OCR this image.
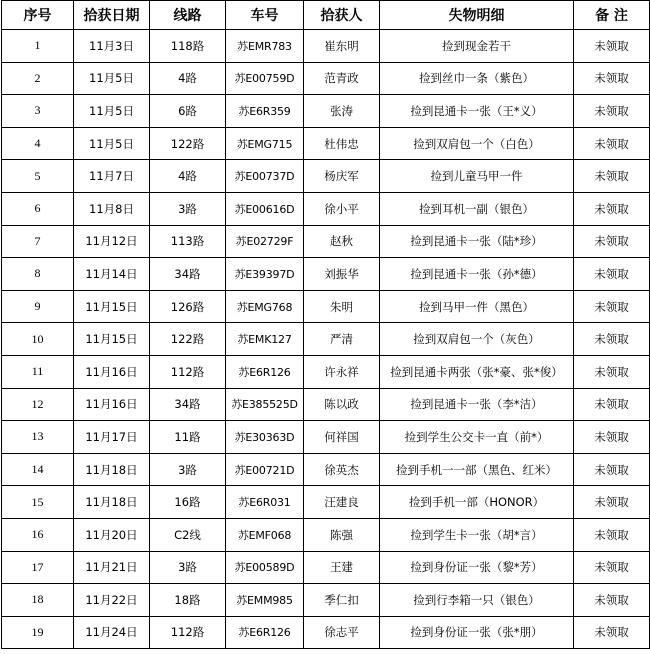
序号	拾获日期	线路	车号	拾获人	失物明细	备 注
1	11月3日	118路	苏EMR783	崔东明	捡到现金若干	未领取
2	11月5日	4路	苏E00759D	范青政	捡到丝巾一条（紫色）	未领取
3	11月5日	6路	苏E6R359	张涛	捡到昆通卡一张（王*义）	未领取
4	11月5日	122路	苏EMG715	杜伟忠	捡到双肩包一个（白色）	未领取
5	11月7日	4路	苏E00737D	杨庆军	捡到儿童马甲一件	未领取
6	11月8日	3路	苏E00616D	徐小平	捡到耳机一副（银色）	未领取
7	11月12日	113路	苏E02729F	赵秋	捡到昆通卡一张（陆*珍）	未领取
8	11月14日	34路	苏E39397D	刘振华	捡到昆通卡一张（孙*德）	未领取
9	11月15日	126路	苏EMG768	朱明	捡到马甲一件（黑色）	未领取
10	11月15日	122路	苏EMK127	严清	捡到双肩包一个（灰色）	未领取
11	11月16日	112路	苏E6R126	许永祥	捡到昆通卡两张（张*豪、张*俊）	未领取
12	11月16日	34路	苏E385525D	陈以政	捡到昆通卡一张（李*洁）	未领取
13	11月17日	11路	苏E30363D	何祥国	捡到学生公交卡一直（前*）	未领取
14	11月18日	3路	苏E00721D	徐英杰	捡到手机一一部（黑色、红米）	未领取
15	11月18日	16路	苏E6R031	汪建良	捡到手机一部（HONOR）	未领取
16	11月20日	C2线	苏EMF068	陈强	捡到学生卡一张（胡*言）	未领取
17	11月21日	3路	苏E00589D	王建	捡到身份证一张（黎*芳）	未领取
18	11月22日	18路	苏EMM985	季仁扣	捡到行李箱一只（银色）	未领取
19	11月24日	112路	苏E6R126	徐志平	捡到身份证一张（张*朋）	未领取
